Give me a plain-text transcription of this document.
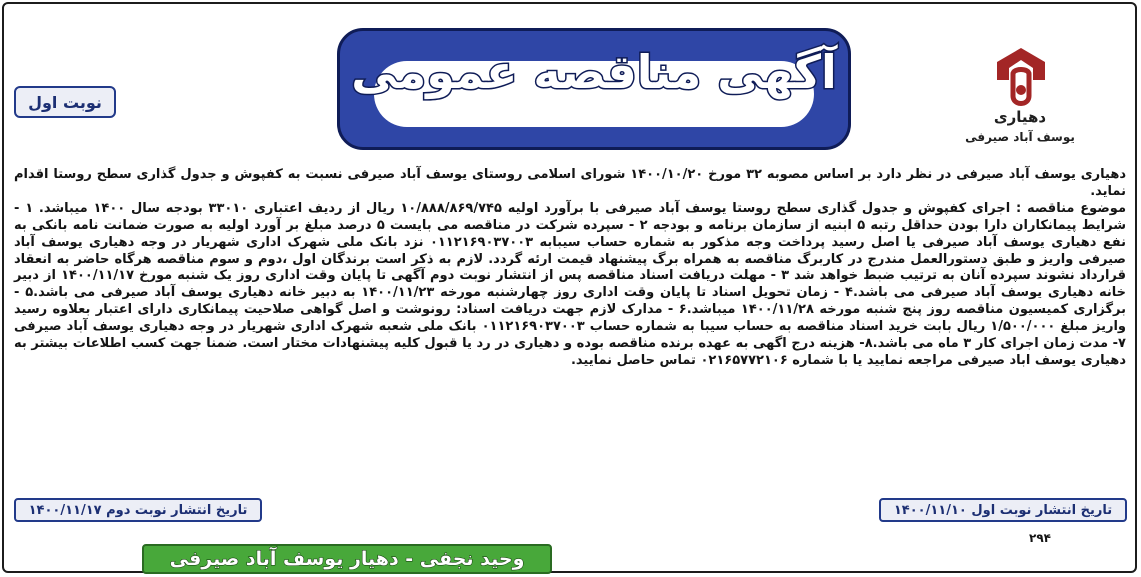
نوبت اول
آگهی مناقصه عمومی
دهیاری
یوسف آباد صیرفی

دهیاری یوسف آباد صیرفی در نظر دارد بر اساس مصوبه ۳۲ مورخ ۱۴۰۰/۱۰/۲۰ شورای اسلامی روستای یوسف آباد صیرفی نسبت به کفپوش و جدول گذاری سطح روستا اقدام نماید.

موضوع مناقصه : اجرای کفپوش و جدول گذاری سطح روستا یوسف آباد صیرفی با برآورد اولیه ۱۰/۸۸۸/۸۶۹/۷۴۵ ریال از ردیف اعتباری ۳۳۰۱۰ بودجه سال ۱۴۰۰ میباشد. ۱ - شرایط پیمانکاران دارا بودن حداقل رتبه ۵ ابنیه از سازمان برنامه و بودجه ۲ - سپرده شرکت در مناقصه می بایست ۵ درصد مبلغ بر آورد اولیه به صورت ضمانت نامه بانکی به نفع دهیاری یوسف آباد صیرفی یا اصل رسید پرداخت وجه مذکور به شماره حساب سیبابه ۰۱۱۲۱۶۹۰۳۷۰۰۳ نزد بانک ملی شهرک اداری شهریار در وجه دهیاری یوسف آباد صیرفی واریز و طبق دستورالعمل مندرج در کاربرگ مناقصه به همراه برگ پیشنهاد قیمت ارئه گردد. لازم به ذکر است برندگان اول ،دوم و سوم مناقصه هرگاه حاضر به انعقاد قرارداد نشوند سپرده آنان به ترتیب ضبط خواهد شد ۳ - مهلت دریافت اسناد مناقصه پس از انتشار نوبت دوم آگهی تا پایان وقت اداری روز یک شنبه مورخ ۱۴۰۰/۱۱/۱۷ از دبیر خانه دهیاری یوسف آباد صیرفی می باشد.۴ - زمان تحویل اسناد تا پایان وقت اداری روز چهارشنبه مورخه ۱۴۰۰/۱۱/۲۳ به دبیر خانه دهیاری یوسف آباد صیرفی می باشد.۵ - برگزاری کمیسیون مناقصه روز پنج شنبه مورخه ۱۴۰۰/۱۱/۲۸ میباشد.۶ - مدارک لازم جهت دریافت اسناد: رونوشت و اصل گواهی صلاحیت پیمانکاری دارای اعتبار بعلاوه رسید واریز مبلغ ۱/۵۰۰/۰۰۰ ریال بابت خرید اسناد مناقصه به حساب سیبا به شماره حساب ۰۱۱۲۱۶۹۰۳۷۰۰۳ بانک ملی شعبه شهرک اداری شهریار در وجه دهیاری یوسف آباد صیرفی ۷- مدت زمان اجرای کار ۳ ماه می باشد.۸- هزینه درج اگهی به عهده برنده مناقصه بوده و دهیاری در رد یا قبول کلیه پیشنهادات مختار است. ضمنا جهت کسب اطلاعات بیشتر به دهیاری یوسف اباد صیرفی مراجعه نمایید یا با شماره ۰۲۱۶۵۷۷۲۱۰۶ تماس حاصل نمایید.

تاریخ انتشار نوبت اول ۱۴۰۰/۱۱/۱۰
تاریخ انتشار نوبت دوم ۱۴۰۰/۱۱/۱۷
۲۹۴
وحید نجفی - دهیار یوسف آباد صیرفی
